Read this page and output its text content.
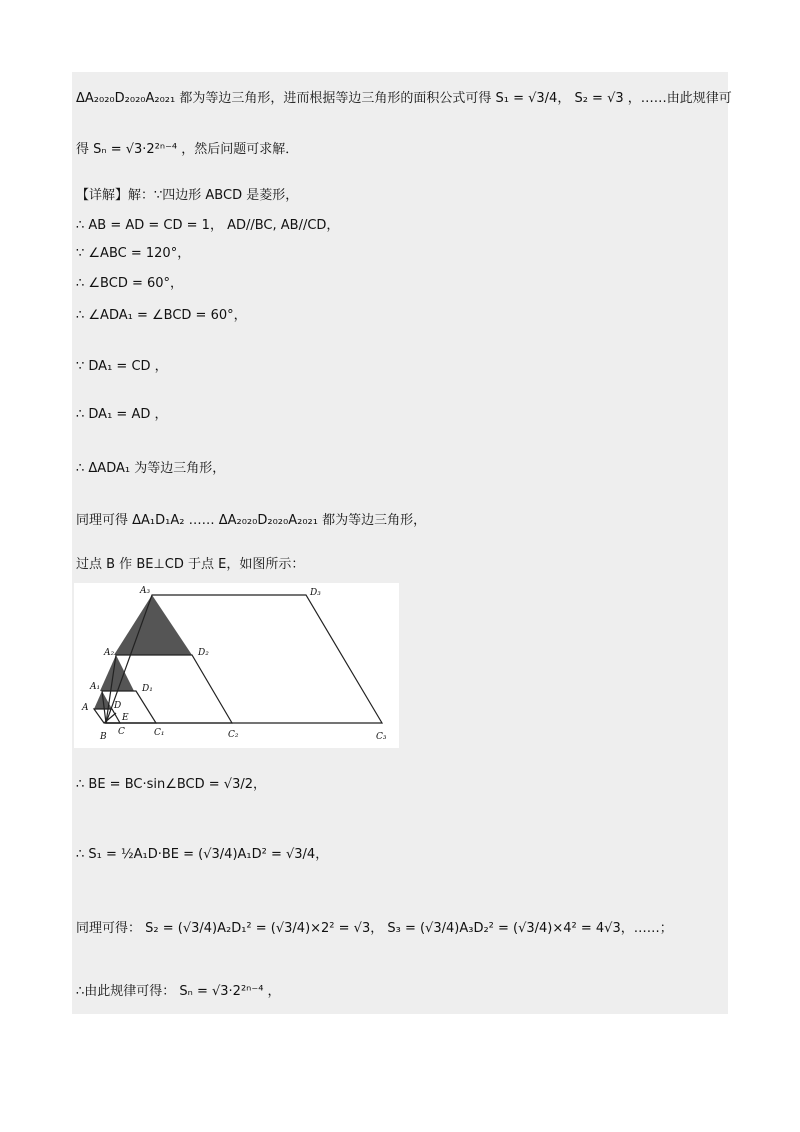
ΔA₂₀₂₀D₂₀₂₀A₂₀₂₁ 都为等边三角形，进而根据等边三角形的面积公式可得 S₁ = √3/4， S₂ = √3 ，……由此规律可
得 Sₙ = √3·2²ⁿ⁻⁴ ，然后问题可求解．
【详解】解：∵四边形 ABCD 是菱形，
∴ AB = AD = CD = 1， AD//BC, AB//CD，
∵ ∠ABC = 120°，
∴ ∠BCD = 60°，
∴ ∠ADA₁ = ∠BCD = 60°，
∵ DA₁ = CD ，
∴ DA₁ = AD ，
∴ ΔADA₁ 为等边三角形，
同理可得 ΔA₁D₁A₂ …… ΔA₂₀₂₀D₂₀₂₀A₂₀₂₁ 都为等边三角形，
过点 B 作 BE⊥CD 于点 E，如图所示：
A₃	D₃
A₂	D₂
A₁	D₁
A	D
E
B C	C₁	C₂	C₃
∴ BE = BC·sin∠BCD = √3/2，
∴ S₁ = ½A₁D·BE = (√3/4)A₁D² = √3/4，
同理可得： S₂ = (√3/4)A₂D₁² = (√3/4)×2² = √3， S₃ = (√3/4)A₃D₂² = (√3/4)×4² = 4√3，……；
∴由此规律可得： Sₙ = √3·2²ⁿ⁻⁴ ，
